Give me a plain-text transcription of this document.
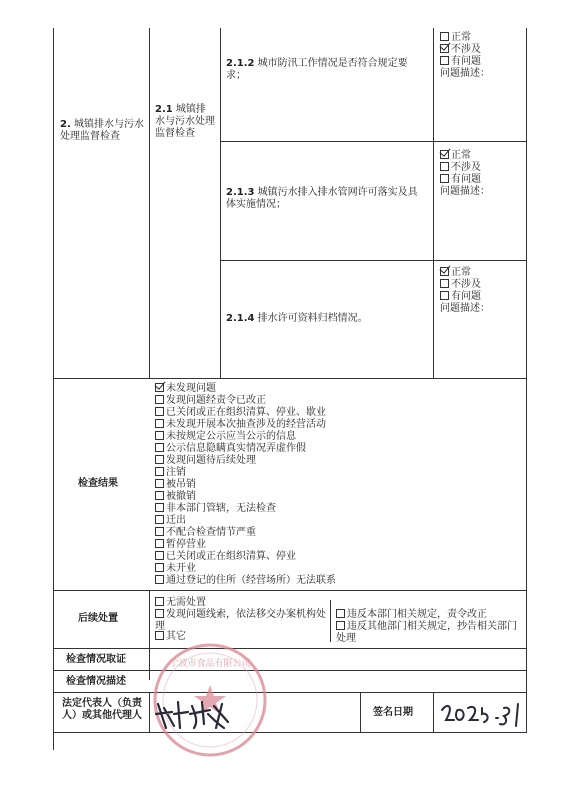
2. 城镇排水与污水处理监督检查
2.1 城镇排水与污水处理监督检查
2.1.2 城市防汛工作情况是否符合规定要求；
正常
不涉及
有问题
问题描述：
2.1.3 城镇污水排入排水管网许可落实及具体实施情况；
正常
不涉及
有问题
问题描述：
2.1.4 排水许可资料归档情况。
正常
不涉及
有问题
问题描述：
检查结果
未发现问题
发现问题经责令已改正
已关闭或正在组织清算、停业、歇业
未发现开展本次抽查涉及的经营活动
未按规定公示应当公示的信息
公示信息隐瞒真实情况弄虚作假
发现问题待后续处理
注销
被吊销
被撤销
非本部门管辖，无法检查
迁出
不配合检查情节严重
暂停营业
已关闭或正在组织清算、停业
未开业
通过登记的住所（经营场所）无法联系
后续处置
无需处置
发现问题线索，依法移交办案机构处理
其它
违反本部门相关规定，责令改正
违反其他部门相关规定，抄告相关部门处理
检查情况取证
检查情况描述
法定代表人（负责人）或其他代理人	签名日期
宁波市食品有限公司
